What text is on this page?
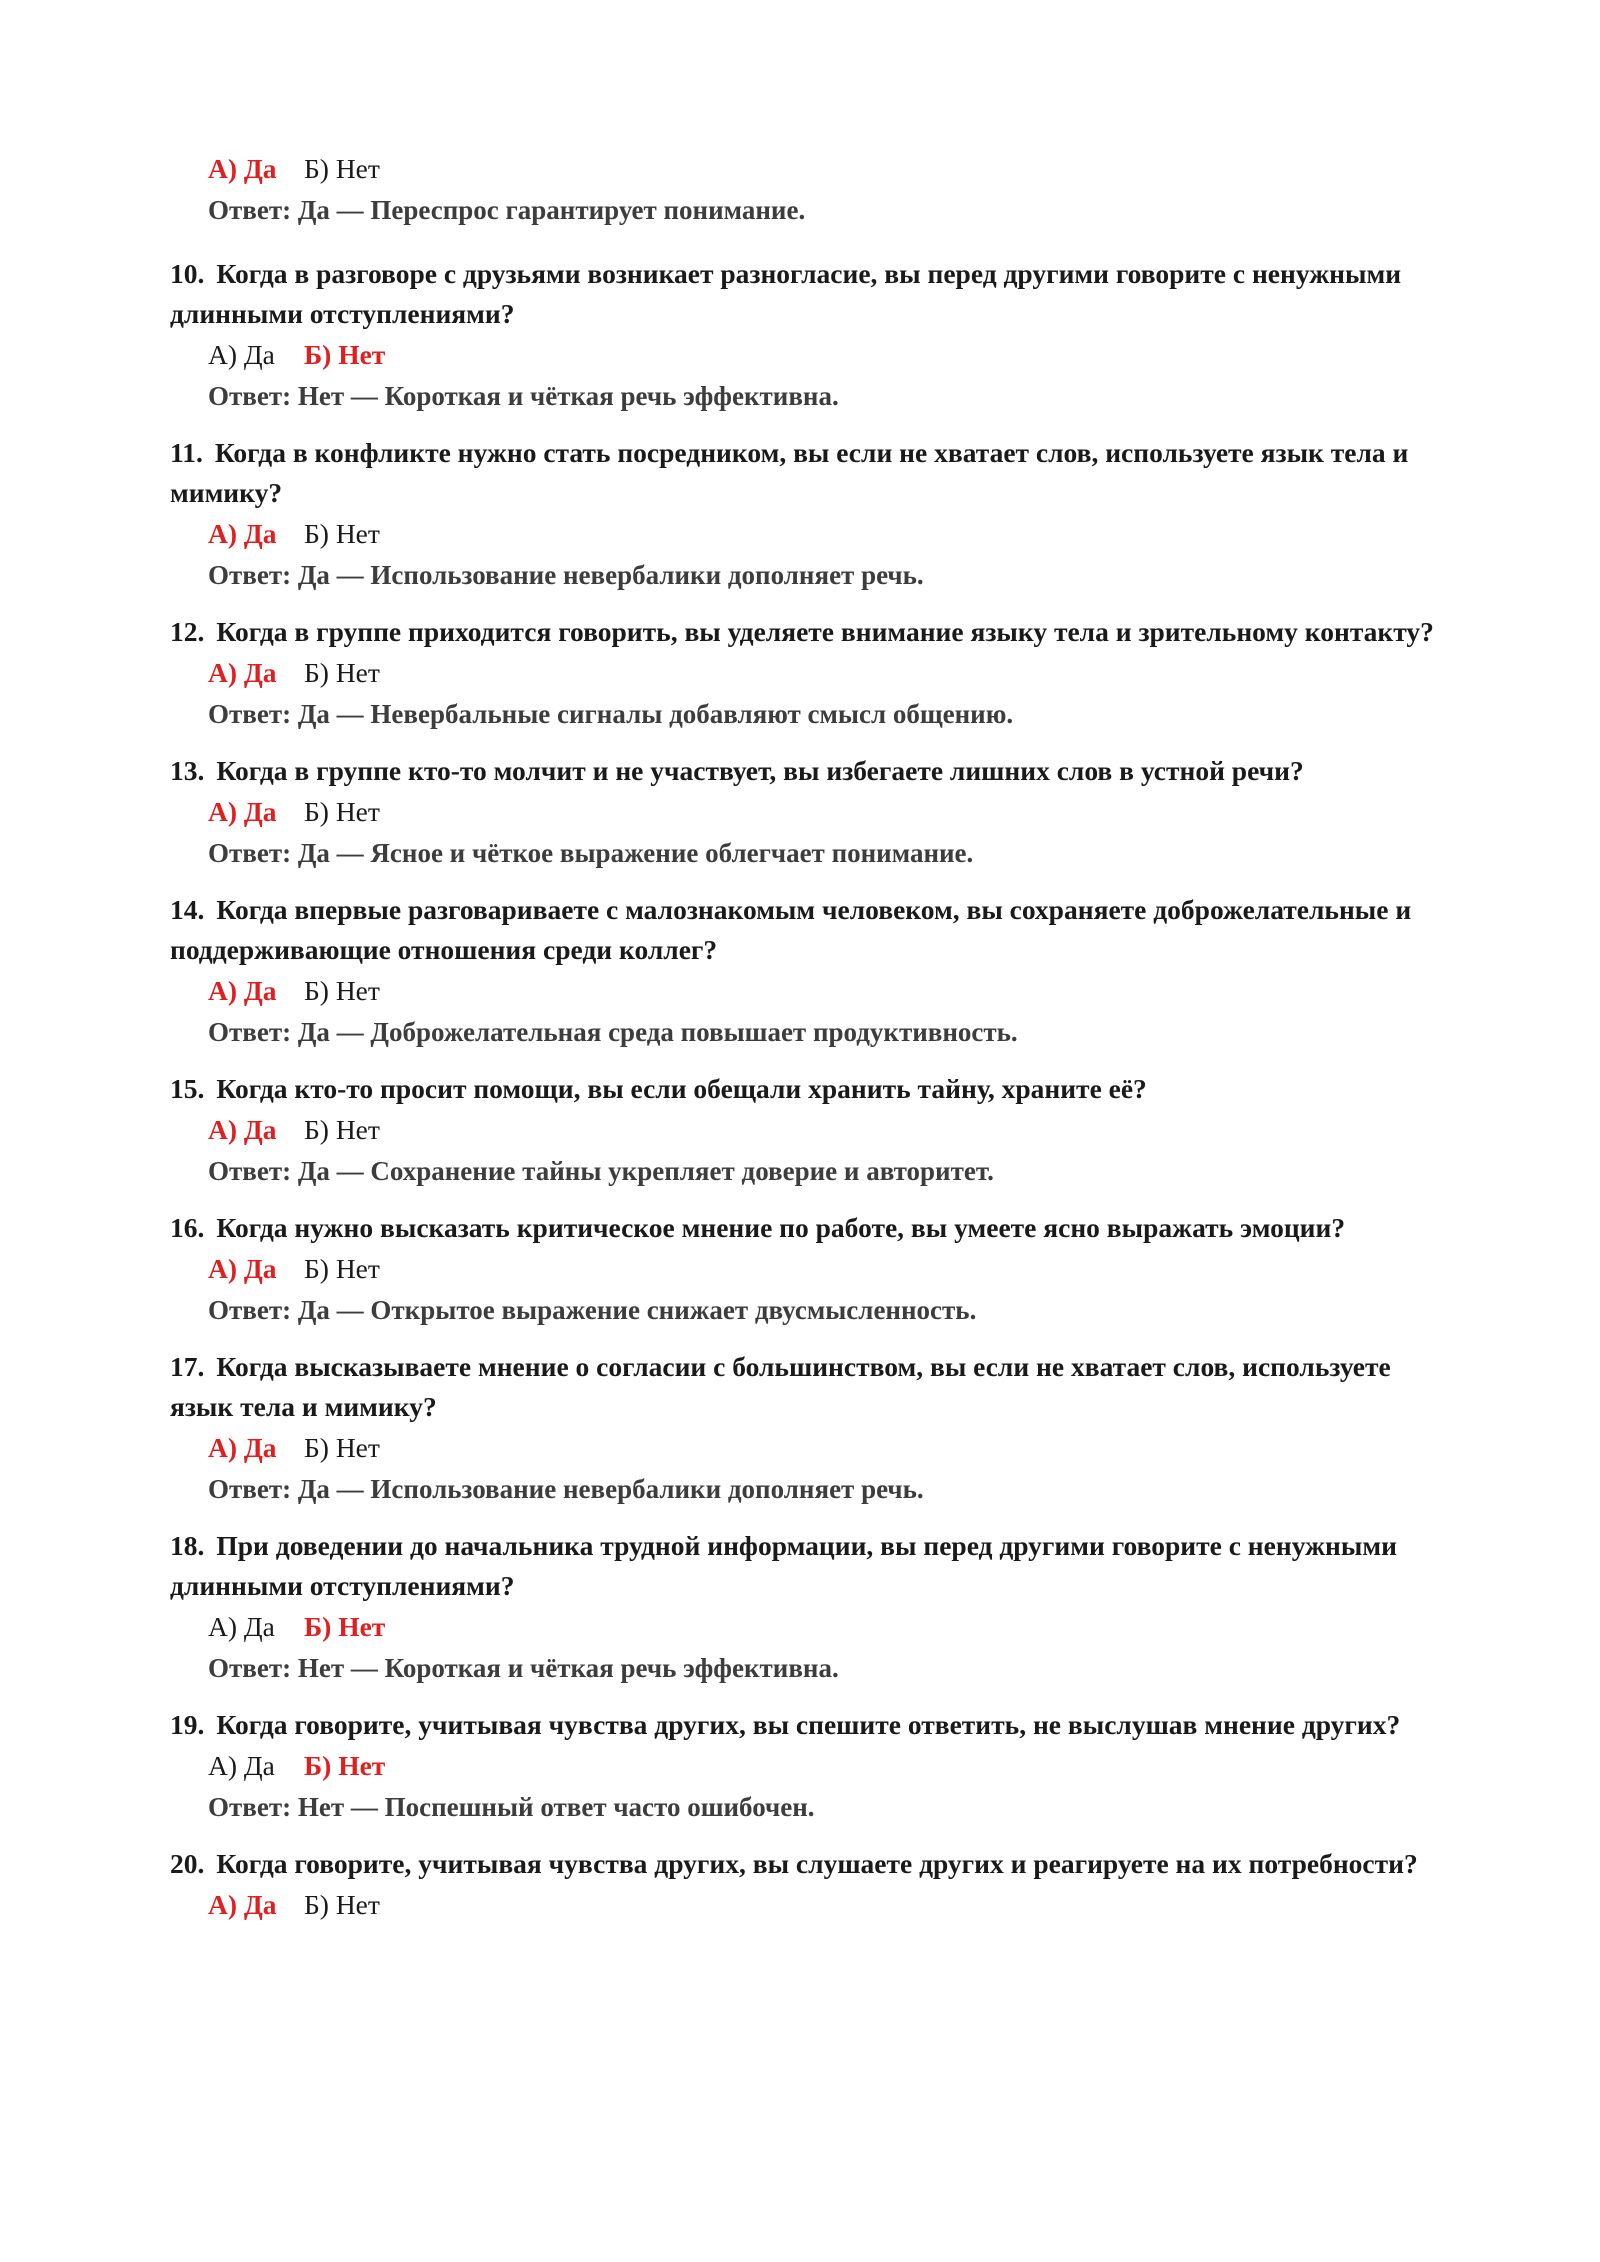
А) Да Б) Нет
Ответ: Да — Переспрос гарантирует понимание.
10. Когда в разговоре с друзьями возникает разногласие, вы перед другими говорите с ненужными длинными отступлениями?
А) Да Б) Нет
Ответ: Нет — Короткая и чёткая речь эффективна.
11. Когда в конфликте нужно стать посредником, вы если не хватает слов, используете язык тела и мимику?
А) Да Б) Нет
Ответ: Да — Использование невербалики дополняет речь.
12. Когда в группе приходится говорить, вы уделяете внимание языку тела и зрительному контакту?
А) Да Б) Нет
Ответ: Да — Невербальные сигналы добавляют смысл общению.
13. Когда в группе кто-то молчит и не участвует, вы избегаете лишних слов в устной речи?
А) Да Б) Нет
Ответ: Да — Ясное и чёткое выражение облегчает понимание.
14. Когда впервые разговариваете с малознакомым человеком, вы сохраняете доброжелательные и поддерживающие отношения среди коллег?
А) Да Б) Нет
Ответ: Да — Доброжелательная среда повышает продуктивность.
15. Когда кто-то просит помощи, вы если обещали хранить тайну, храните её?
А) Да Б) Нет
Ответ: Да — Сохранение тайны укрепляет доверие и авторитет.
16. Когда нужно высказать критическое мнение по работе, вы умеете ясно выражать эмоции?
А) Да Б) Нет
Ответ: Да — Открытое выражение снижает двусмысленность.
17. Когда высказываете мнение о согласии с большинством, вы если не хватает слов, используете язык тела и мимику?
А) Да Б) Нет
Ответ: Да — Использование невербалики дополняет речь.
18. При доведении до начальника трудной информации, вы перед другими говорите с ненужными длинными отступлениями?
А) Да Б) Нет
Ответ: Нет — Короткая и чёткая речь эффективна.
19. Когда говорите, учитывая чувства других, вы спешите ответить, не выслушав мнение других?
А) Да Б) Нет
Ответ: Нет — Поспешный ответ часто ошибочен.
20. Когда говорите, учитывая чувства других, вы слушаете других и реагируете на их потребности?
А) Да Б) Нет
